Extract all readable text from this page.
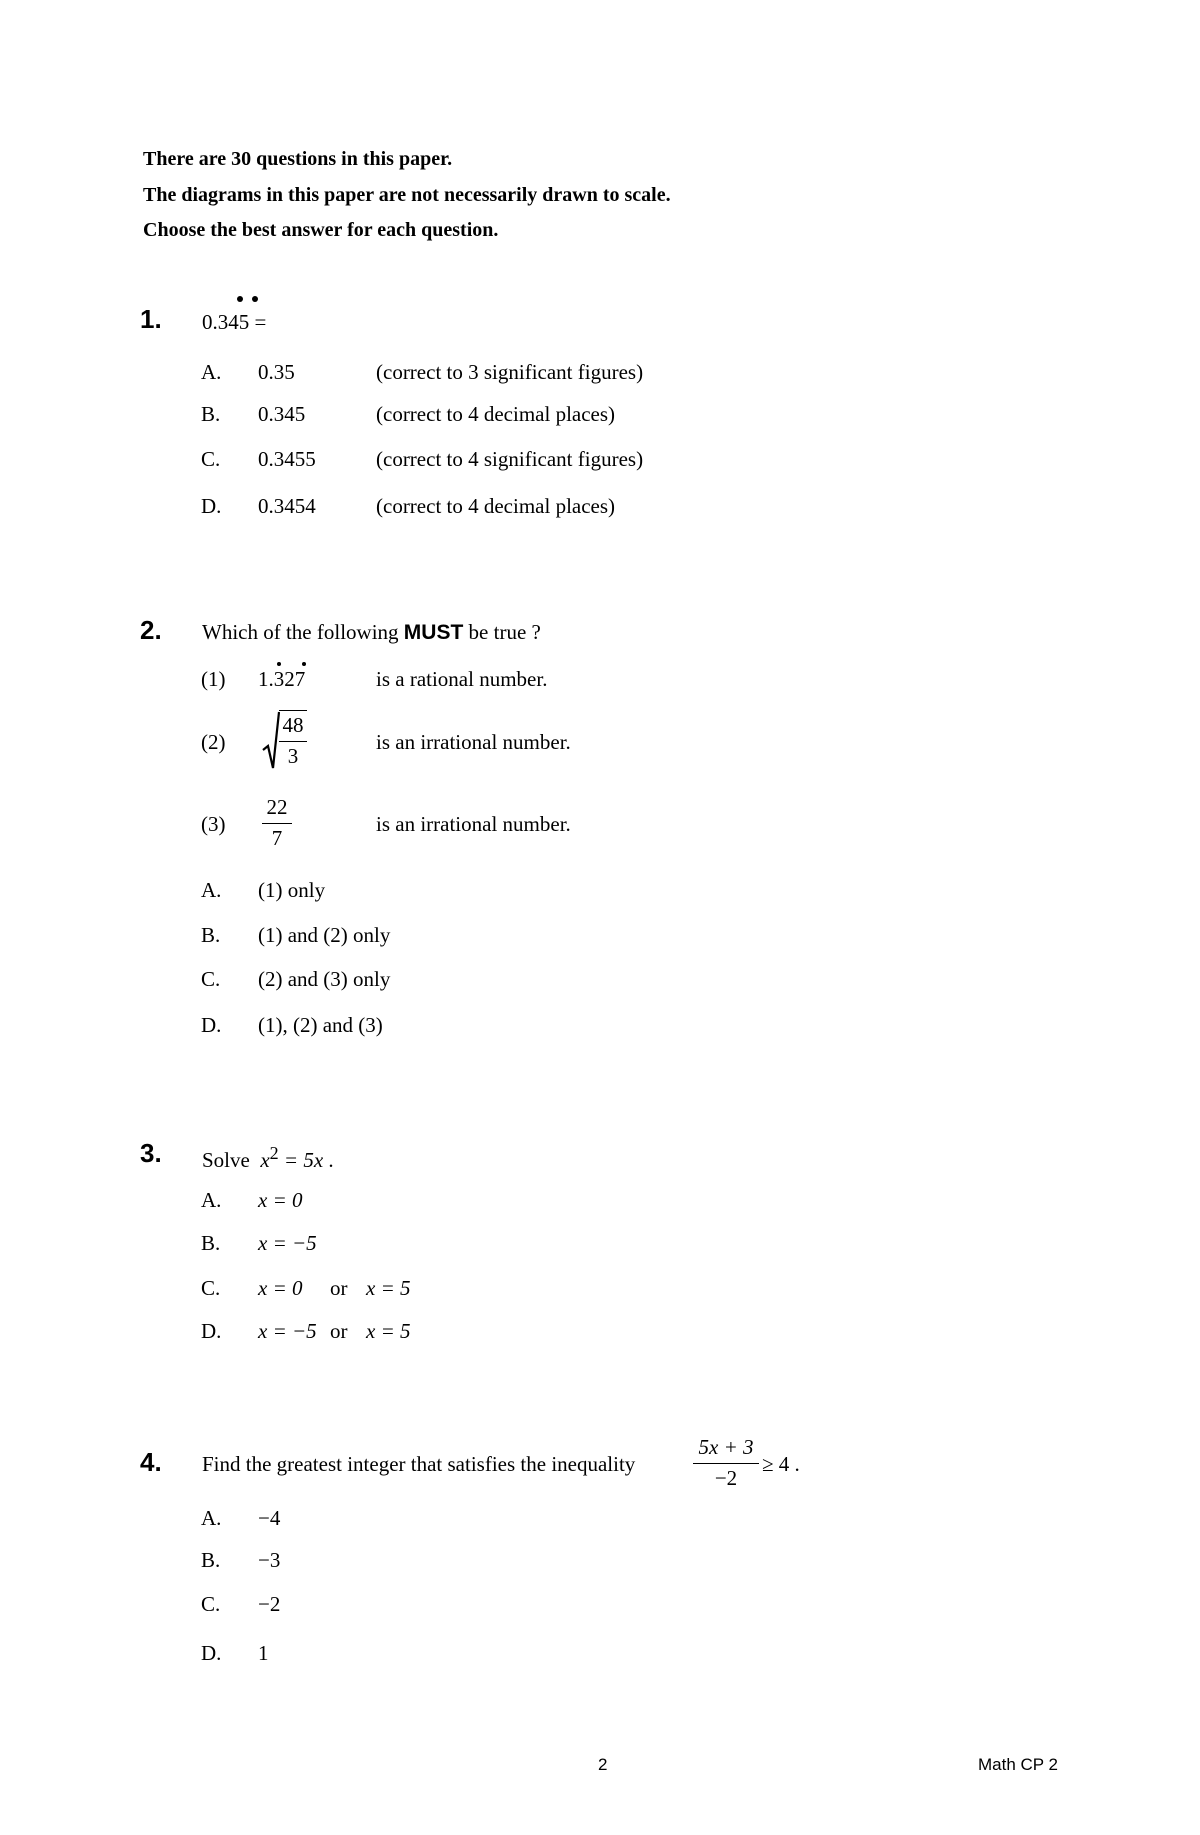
There are 30 questions in this paper.
The diagrams in this paper are not necessarily drawn to scale.
Choose the best answer for each question.
1. 0.345 =
A. 0.35	(correct to 3 significant figures)
B. 0.345	(correct to 4 decimal places)
C. 0.3455	(correct to 4 significant figures)
D. 0.3454	(correct to 4 decimal places)
2. Which of the following MUST be true ?
(1) 1.327	is a rational number.
(2)
48
3
is an irrational number.
(3)
22
7
is an irrational number.
A. (1) only
B. (1) and (2) only
C. (2) and (3) only
D. (1), (2) and (3)
3. Solve $x^2 = 5x$ .
A. x = 0
B. x = −5
C. x = 0 or x = 5
D. x = −5 or x = 5
4. Find the greatest integer that satisfies the inequality
5x + 3
−2
≥ 4 .
A. −4
B. −3
C. −2
D. 1
2	Math CP 2
